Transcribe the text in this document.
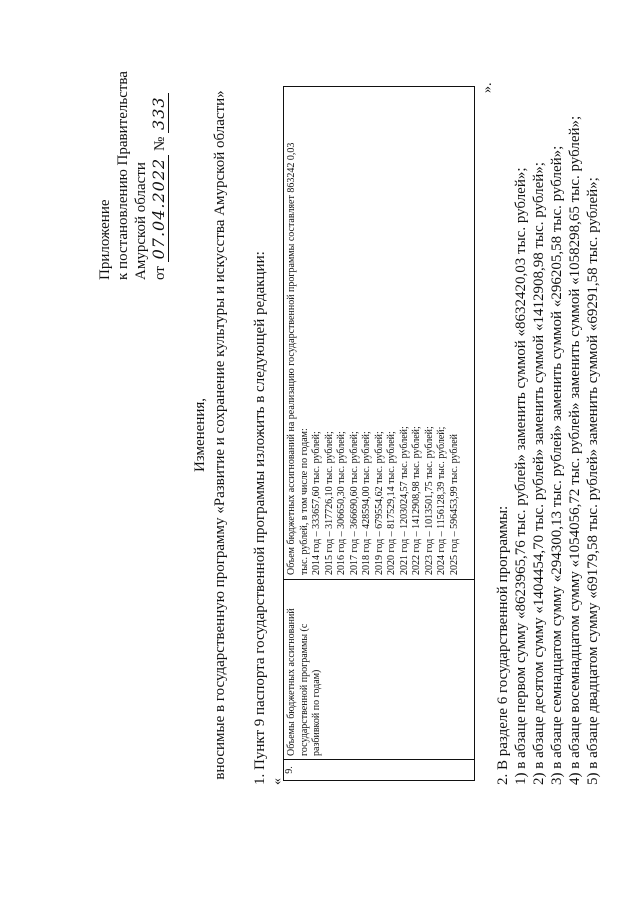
Приложение к постановлению Правительства Амурской области от 07.04.2022 № 333
Изменения, вносимые в государственную программу «Развитие и сохранение культуры и искусства Амурской области» 1. Пункт 9 паспорта государственной программы изложить в следующей редакции: «
9.
Объемы бюджетных ассигнований государственной программы (с разбивкой по годам)
Объем бюджетных ассигнований на реализацию государственной программы составляет 863242 0,03 тыс. рублей, в том числе по годам: 2014 год – 333657,60 тыс. рублей; 2015 год – 317726,10 тыс. рублей; 2016 год – 306650,30 тыс. рублей; 2017 год – 366690,60 тыс. рублей; 2018 год – 428594,00 тыс. рублей; 2019 год – 679554,62 тыс. рублей; 2020 год – 817529,14 тыс. рублей; 2021 год – 1203024,57 тыс. рублей; 2022 год – 1412908,98 тыс. рублей; 2023 год – 1013501,75 тыс. рублей; 2024 год – 1156128,39 тыс. рублей; 2025 год – 596453,99 тыс. рублей
».
2. В разделе 6 государственной программы: 1) в абзаце первом сумму «8623965,76 тыс. рублей» заменить суммой «8632420,03 тыс. рублей»; 2) в абзаце десятом сумму «1404454,70 тыс. рублей» заменить суммой «1412908,98 тыс. рублей»; 3) в абзаце семнадцатом сумму «294300,13 тыс. рублей» заменить суммой «296205,58 тыс. рублей»; 4) в абзаце восемнадцатом сумму «1054056,72 тыс. рублей» заменить суммой «1058298,65 тыс. рублей»; 5) в абзаце двадцатом сумму «69179,58 тыс. рублей» заменить суммой «69291,58 тыс. рублей»;
